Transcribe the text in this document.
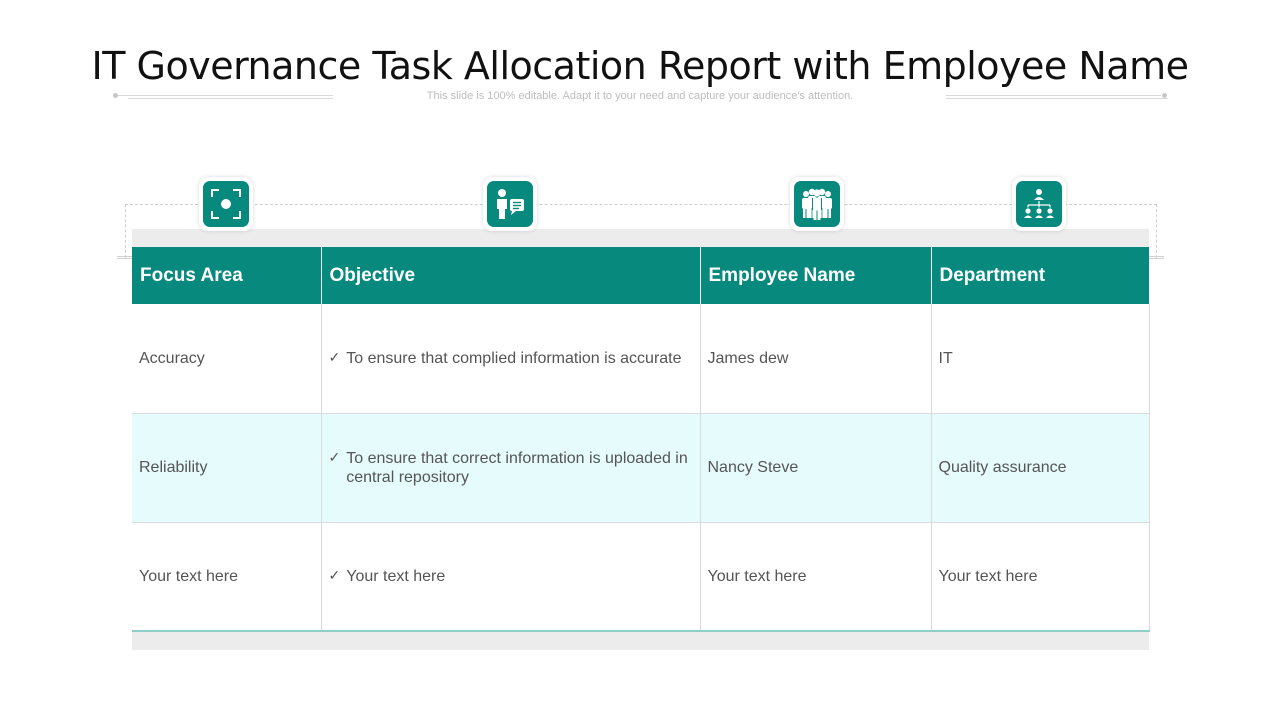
IT Governance Task Allocation Report with Employee Name
This slide is 100% editable. Adapt it to your need and capture your audience's attention.
Focus Area	Objective	Employee Name	Department
Accuracy	✓ To ensure that complied information is accurate	James dew	IT
Reliability	✓ To ensure that correct information is uploaded in central repository	Nancy Steve	Quality assurance
Your text here	✓ Your text here	Your text here	Your text here
